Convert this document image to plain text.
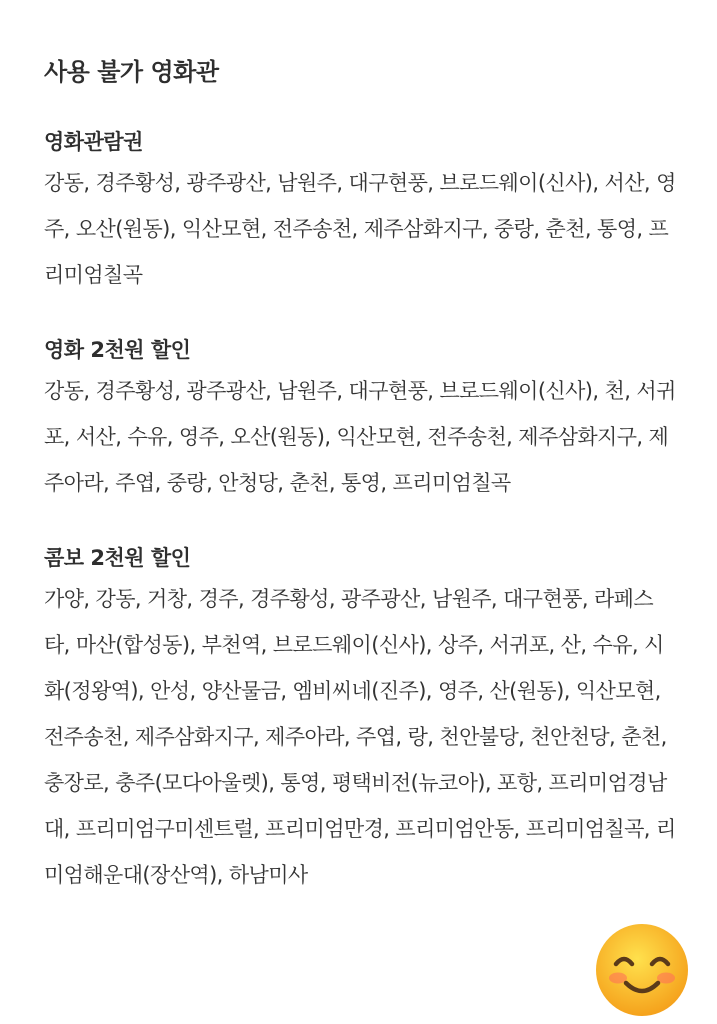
사용 불가 영화관
영화관람권
강동, 경주황성, 광주광산, 남원주, 대구현풍, 브로드웨이(신사), 서산, 영주, 오산(원동), 익산모현, 전주송천, 제주삼화지구, 중랑, 춘천, 통영, 프리미엄칠곡
영화 2천원 할인
강동, 경주황성, 광주광산, 남원주, 대구현풍, 브로드웨이(신사), 천, 서귀포, 서산, 수유, 영주, 오산(원동), 익산모현, 전주송천, 제주삼화지구, 제주아라, 주엽, 중랑, 안청당, 춘천, 통영, 프리미엄칠곡
콤보 2천원 할인
가양, 강동, 거창, 경주, 경주황성, 광주광산, 남원주, 대구현풍, 라페스타, 마산(합성동), 부천역, 브로드웨이(신사), 상주, 서귀포, 산, 수유, 시화(정왕역), 안성, 양산물금, 엠비씨네(진주), 영주, 산(원동), 익산모현, 전주송천, 제주삼화지구, 제주아라, 주엽, 랑, 천안불당, 천안천당, 춘천, 충장로, 충주(모다아울렛), 통영, 평택비전(뉴코아), 포항, 프리미엄경남대, 프리미엄구미센트럴, 프리미엄만경, 프리미엄안동, 프리미엄칠곡, 리미엄해운대(장산역), 하남미사
